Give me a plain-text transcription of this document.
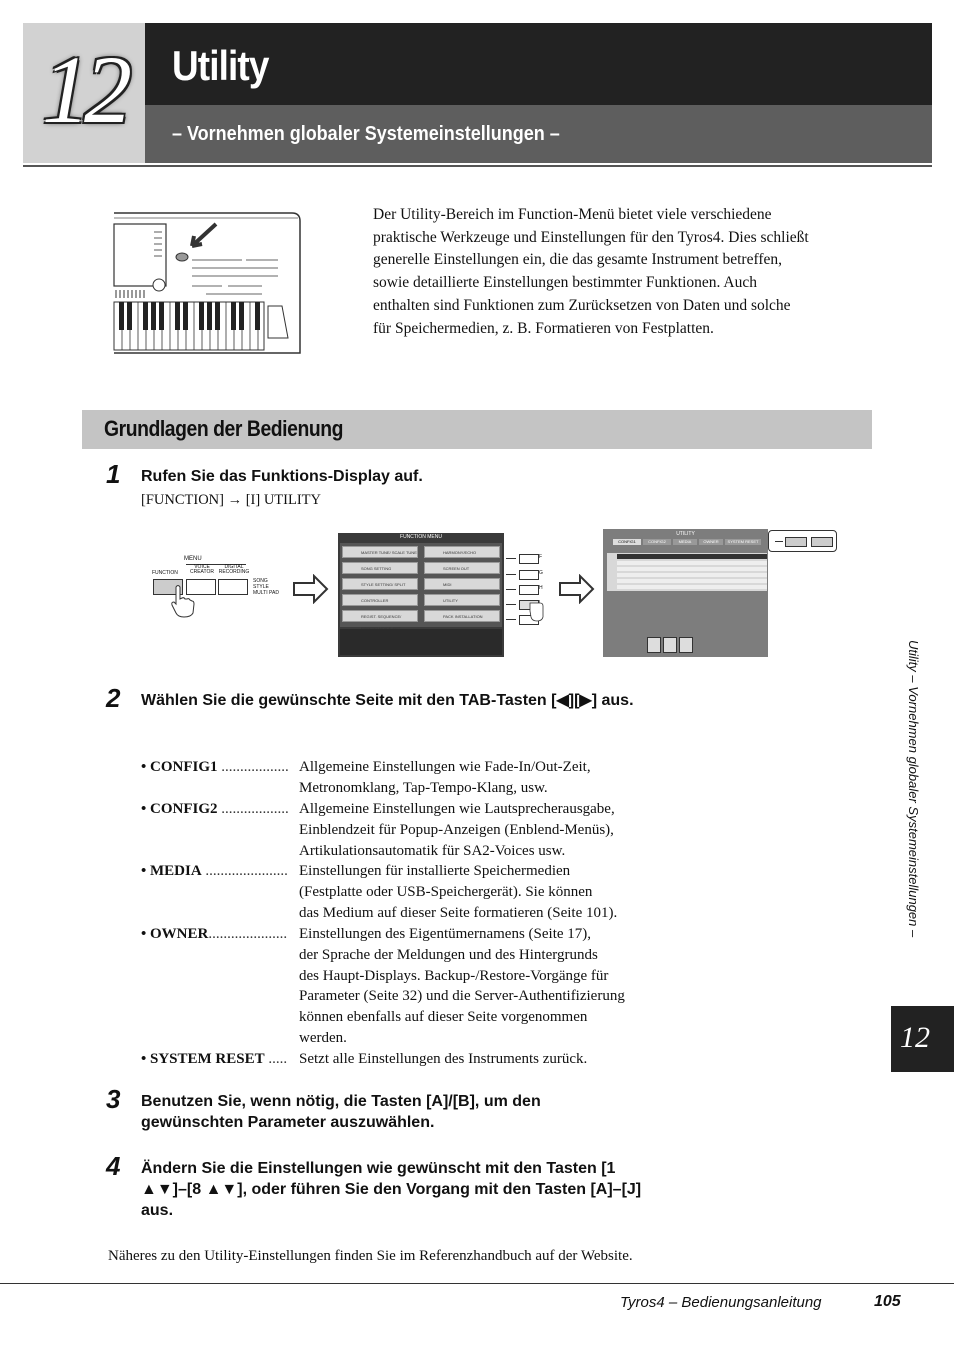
12	Utility
– Vornehmen globaler Systemeinstellungen –

Der Utility-Bereich im Function-Menü bietet viele verschiedene

praktische Werkzeuge und Einstellungen für den Tyros4. Dies schließt

generelle Einstellungen ein, die das gesamte Instrument betreffen,

sowie detaillierte Einstellungen bestimmter Funktionen. Auch

enthalten sind Funktionen zum Zurücksetzen von Daten und solche

für Speichermedien, z. B. Formatieren von Festplatten.

Grundlagen der Bedienung
1 Rufen Sie das Funktions-Display auf.
[FUNCTION] → [I] UTILITY
MENU
FUNCTION
VOICE CREATOR
DIGITAL RECORDING
SONG
STYLE
MULTI PAD
FUNCTION MENU
MASTER TUNE/ SCALE TUNE
SONG SETTING
STYLE SETTING/ SPLIT
CONTROLLER
REGIST. SEQUENCE/
HARMONY/ECHO
SCREEN OUT
MIDI
UTILITY
PACK INSTALLATION
F
G
H
UTILITY
CONFIG1	CONFIG2	MEDIA	OWNER	SYSTEM RESET
2 Wählen Sie die gewünschte Seite mit den TAB-Tasten [◀][▶] aus.
• CONFIG1 .................. Allgemeine Einstellungen wie Fade-In/Out-Zeit,
Metronomklang, Tap-Tempo-Klang, usw.
• CONFIG2 .................. Allgemeine Einstellungen wie Lautsprecherausgabe,
Einblendzeit für Popup-Anzeigen (Enblend-Menüs),
Artikulationsautomatik für SA2-Voices usw.
• MEDIA ...................... Einstellungen für installierte Speichermedien
(Festplatte oder USB-Speichergerät). Sie können
das Medium auf dieser Seite formatieren (Seite 101).
• OWNER..................... Einstellungen des Eigentümernamens (Seite 17),
der Sprache der Meldungen und des Hintergrunds
des Haupt-Displays. Backup-/Restore-Vorgänge für
Parameter (Seite 32) und die Server-Authentifizierung
können ebenfalls auf dieser Seite vorgenommen
werden.
• SYSTEM RESET ..... Setzt alle Einstellungen des Instruments zurück.
3 Benutzen Sie, wenn nötig, die Tasten [A]/[B], um den gewünschten Parameter auszuwählen.
4 Ändern Sie die Einstellungen wie gewünscht mit den Tasten [1 ▲▼]–[8 ▲▼], oder führen Sie den Vorgang mit den Tasten [A]–[J] aus.
Näheres zu den Utility-Einstellungen finden Sie im Referenzhandbuch auf der Website.
Utility – Vornehmen globaler Systemeinstellungen –
12
Tyros4 – Bedienungsanleitung	105
